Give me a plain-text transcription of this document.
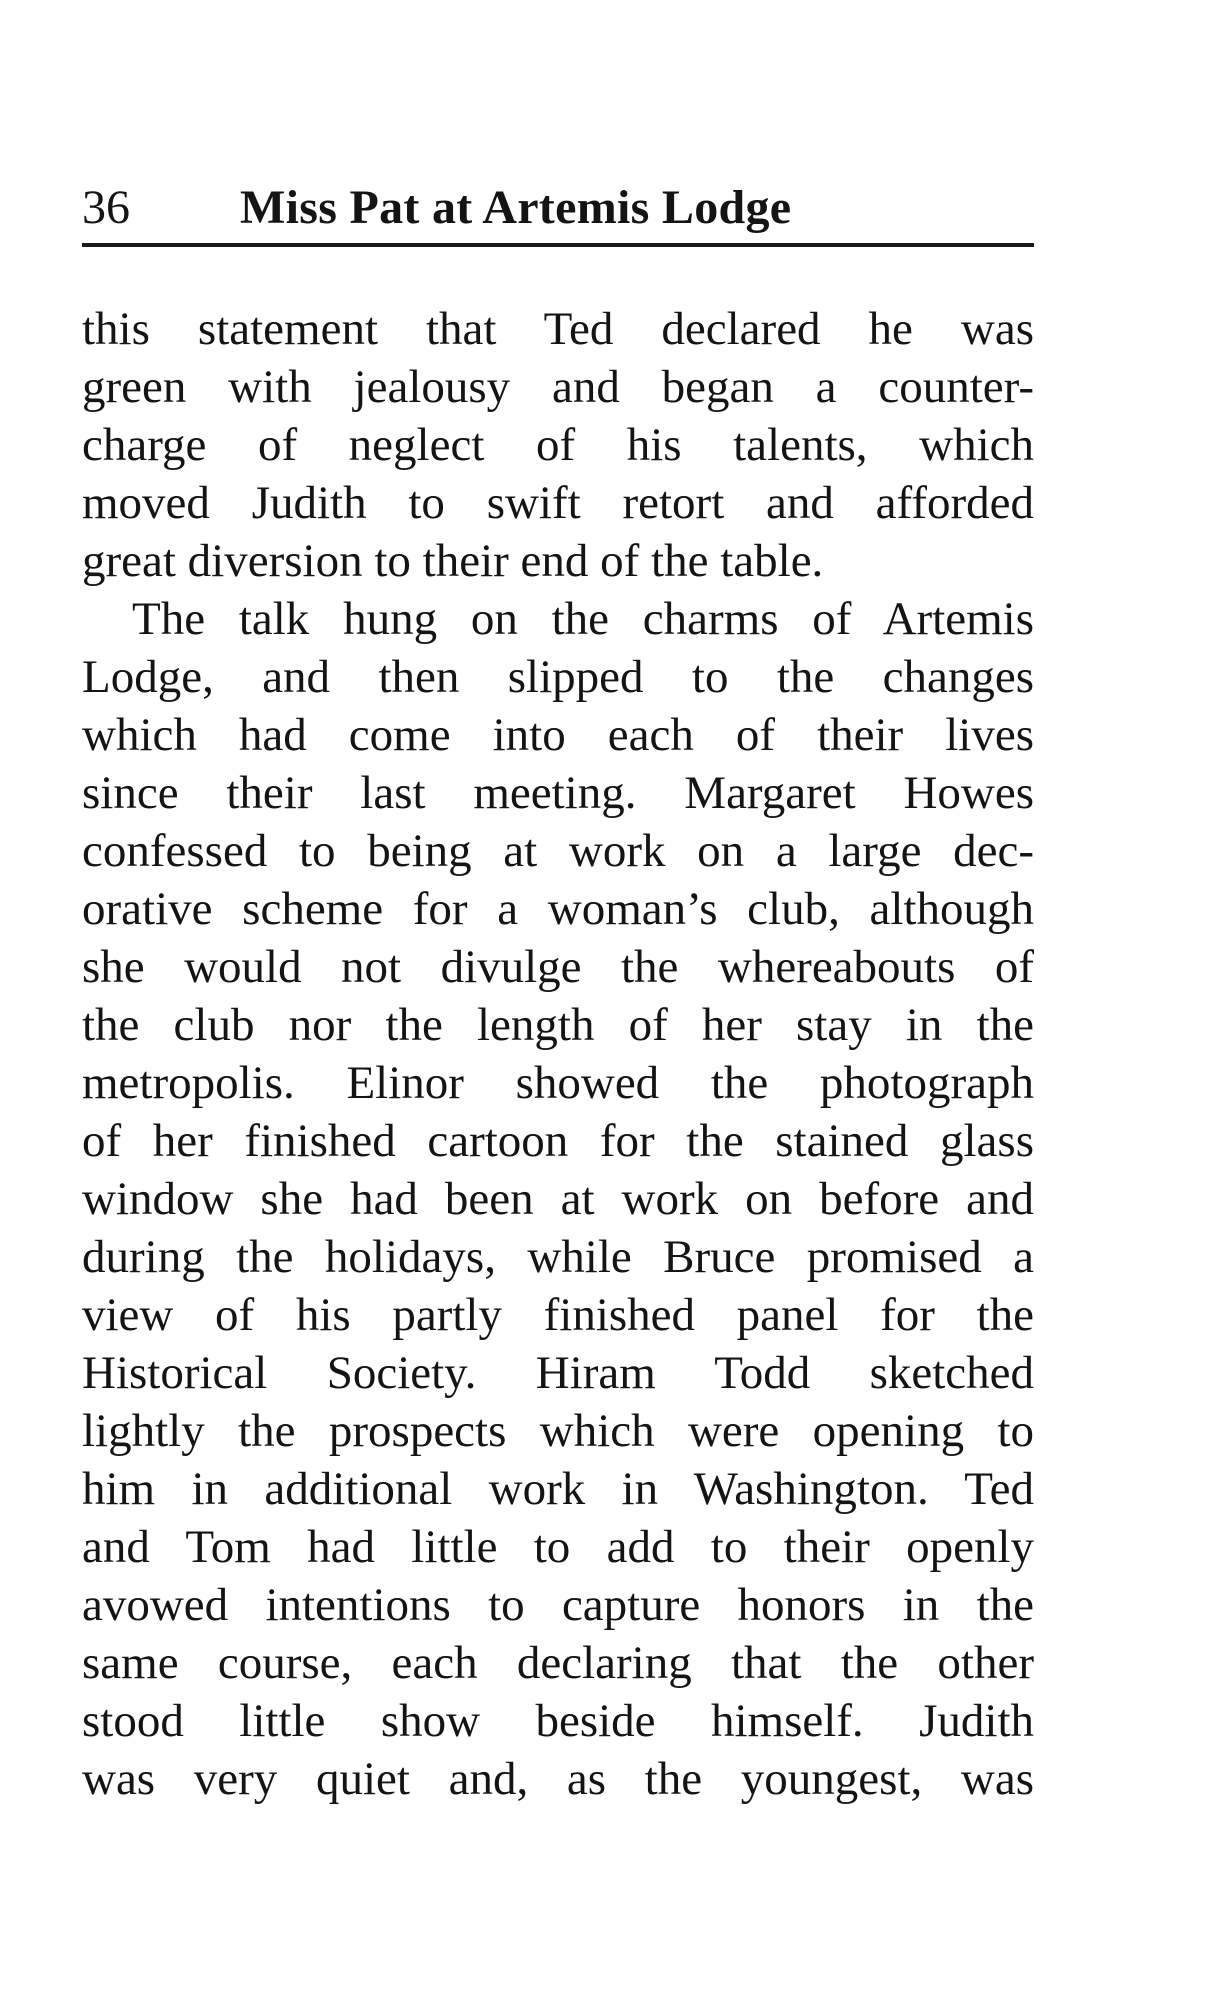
36 Miss Pat at Artemis Lodge
this statement that Ted declared he was
green with jealousy and began a counter-
charge of neglect of his talents, which
moved Judith to swift retort and afforded
great diversion to their end of the table.
The talk hung on the charms of Artemis
Lodge, and then slipped to the changes
which had come into each of their lives
since their last meeting. Margaret Howes
confessed to being at work on a large dec-
orative scheme for a woman’s club, although
she would not divulge the whereabouts of
the club nor the length of her stay in the
metropolis. Elinor showed the photograph
of her finished cartoon for the stained glass
window she had been at work on before and
during the holidays, while Bruce promised a
view of his partly finished panel for the
Historical Society. Hiram Todd sketched
lightly the prospects which were opening to
him in additional work in Washington. Ted
and Tom had little to add to their openly
avowed intentions to capture honors in the
same course, each declaring that the other
stood little show beside himself. Judith
was very quiet and, as the youngest, was
